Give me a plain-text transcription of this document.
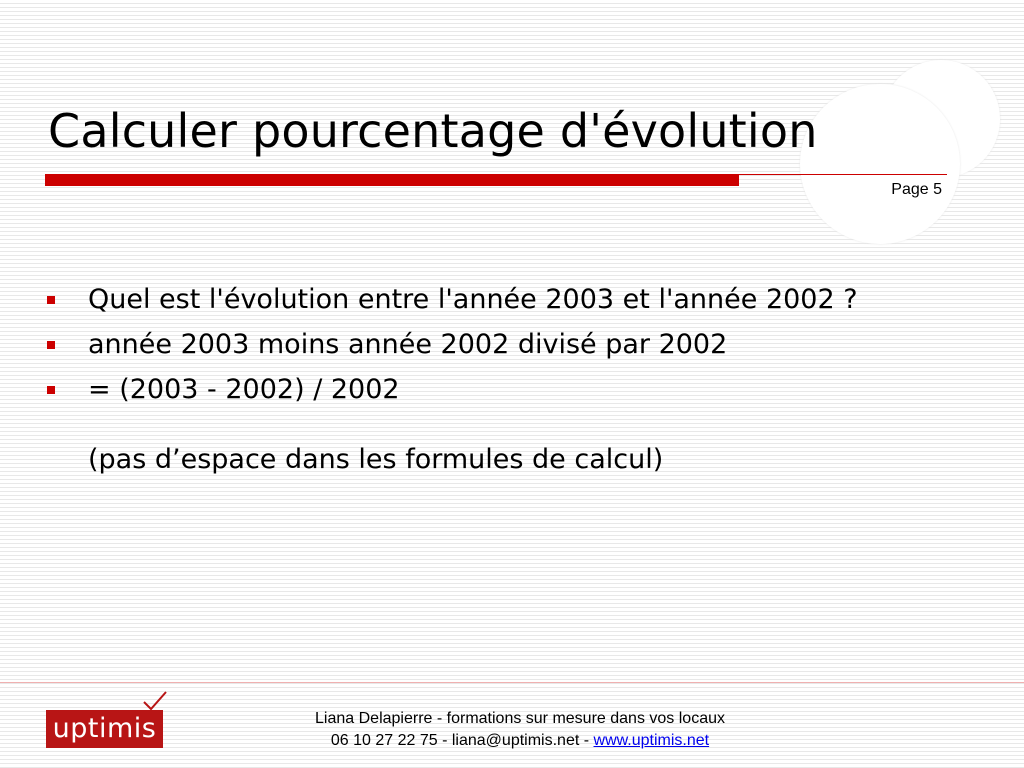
Calculer pourcentage d'évolution
Page 5
Quel est l'évolution entre l'année 2003 et l'année 2002 ?
année 2003 moins année 2002 divisé par 2002
= (2003 - 2002) / 2002
(pas d’espace dans les formules de calcul)
uptimis	Liana Delapierre - formations sur mesure dans vos locaux
06 10 27 22 75 - liana@uptimis.net - www.uptimis.net
